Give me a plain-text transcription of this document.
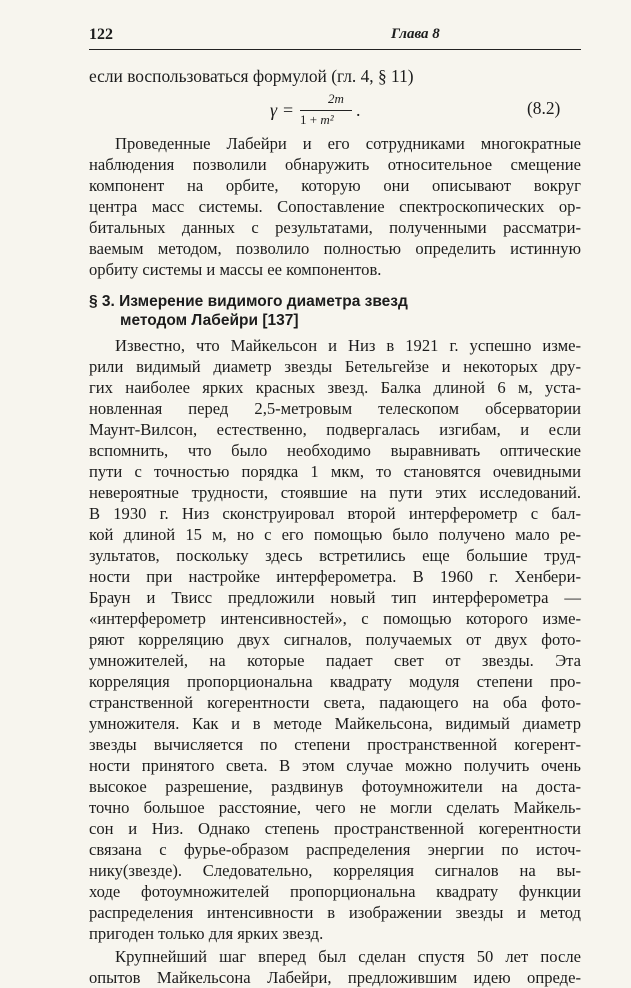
122	Глава 8
если воспользоваться формулой (гл. 4, § 11)
γ =
2m
1 + m² .	(8.2)
Проведенные Лабейри и его сотрудниками многократные
наблюдения позволили обнаружить относительное смещение
компонент на орбите, которую они описывают вокруг
центра масс системы. Сопоставление спектроскопических ор-
битальных данных с результатами, полученными рассматри-
ваемым методом, позволило полностью определить истинную
орбиту системы и массы ее компонентов.
§ 3. Измерение видимого диаметра звезд
методом Лабейри [137]
Известно, что Майкельсон и Низ в 1921 г. успешно изме-
рили видимый диаметр звезды Бетельгейзе и некоторых дру-
гих наиболее ярких красных звезд. Балка длиной 6 м, уста-
новленная перед 2,5-метровым телескопом обсерватории
Маунт-Вилсон, естественно, подвергалась изгибам, и если
вспомнить, что было необходимо выравнивать оптические
пути с точностью порядка 1 мкм, то становятся очевидными
невероятные трудности, стоявшие на пути этих исследований.
В 1930 г. Низ сконструировал второй интерферометр с бал-
кой длиной 15 м, но с его помощью было получено мало ре-
зультатов, поскольку здесь встретились еще большие труд-
ности при настройке интерферометра. В 1960 г. Хенбери-
Браун и Твисс предложили новый тип интерферометра —
«интерферометр интенсивностей», с помощью которого изме-
ряют корреляцию двух сигналов, получаемых от двух фото-
умножителей, на которые падает свет от звезды. Эта
корреляция пропорциональна квадрату модуля степени про-
странственной когерентности света, падающего на оба фото-
умножителя. Как и в методе Майкельсона, видимый диаметр
звезды вычисляется по степени пространственной когерент-
ности принятого света. В этом случае можно получить очень
высокое разрешение, раздвинув фотоумножители на доста-
точно большое расстояние, чего не могли сделать Майкель-
сон и Низ. Однако степень пространственной когерентности
связана с фурье-образом распределения энергии по источ-
нику(звезде). Следовательно, корреляция сигналов на вы-
ходе фотоумножителей пропорциональна квадрату функции
распределения интенсивности в изображении звезды и метод
пригоден только для ярких звезд.
Крупнейший шаг вперед был сделан спустя 50 лет после
опытов Майкельсона Лабейри, предложившим идею опреде-
